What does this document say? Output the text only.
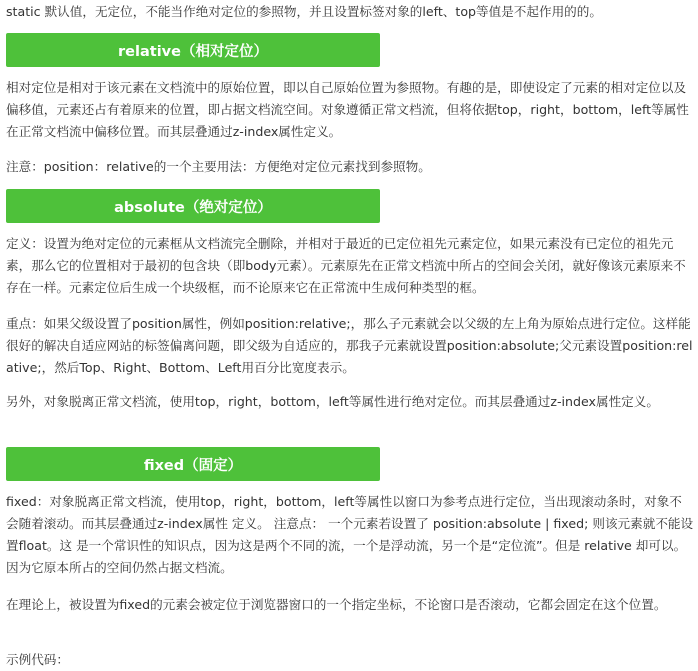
static 默认值，无定位，不能当作绝对定位的参照物，并且设置标签对象的left、top等值是不起作用的的。

relative（相对定位）

相对定位是相对于该元素在文档流中的原始位置，即以自己原始位置为参照物。有趣的是，即使设定了元素的相对定位以及偏移值，元素还占有着原来的位置，即占据文档流空间。对象遵循正常文档流，但将依据top，right，bottom，left等属性在正常文档流中偏移位置。而其层叠通过z-index属性定义。

注意：position：relative的一个主要用法：方便绝对定位元素找到参照物。

absolute（绝对定位）

定义：设置为绝对定位的元素框从文档流完全删除，并相对于最近的已定位祖先元素定位，如果元素没有已定位的祖先元素，那么它的位置相对于最初的包含块（即body元素）。元素原先在正常文档流中所占的空间会关闭，就好像该元素原来不存在一样。元素定位后生成一个块级框，而不论原来它在正常流中生成何种类型的框。

重点：如果父级设置了position属性，例如position:relative;，那么子元素就会以父级的左上角为原始点进行定位。这样能很好的解决自适应网站的标签偏离问题，即父级为自适应的，那我子元素就设置position:absolute;父元素设置position:relative;，然后Top、Right、Bottom、Left用百分比宽度表示。

另外，对象脱离正常文档流，使用top，right，bottom，left等属性进行绝对定位。而其层叠通过z-index属性定义。

fixed（固定）

fixed：对象脱离正常文档流，使用top，right，bottom，left等属性以窗口为参考点进行定位，当出现滚动条时，对象不会随着滚动。而其层叠通过z-index属性 定义。 注意点： 一个元素若设置了 position:absolute | fixed; 则该元素就不能设置float。这 是一个常识性的知识点，因为这是两个不同的流，一个是浮动流，另一个是“定位流”。但是 relative 却可以。因为它原本所占的空间仍然占据文档流。

在理论上，被设置为fixed的元素会被定位于浏览器窗口的一个指定坐标，不论窗口是否滚动，它都会固定在这个位置。

示例代码：
